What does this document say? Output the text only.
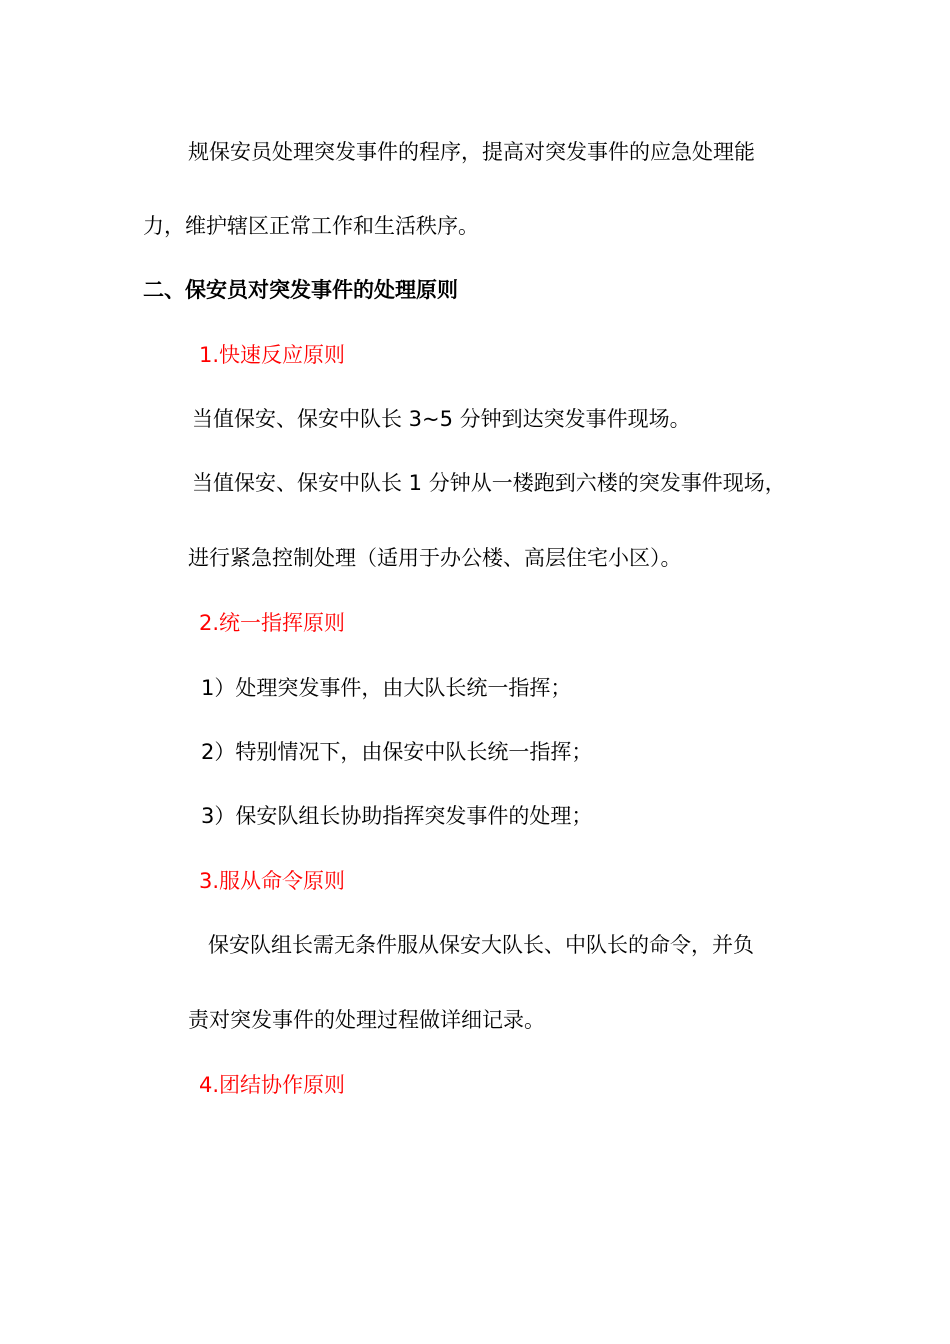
规保安员处理突发事件的程序，提高对突发事件的应急处理能
力，维护辖区正常工作和生活秩序。
二、保安员对突发事件的处理原则
1.快速反应原则
当值保安、保安中队长 3~5 分钟到达突发事件现场。
当值保安、保安中队长 1 分钟从一楼跑到六楼的突发事件现场，
进行紧急控制处理（适用于办公楼、高层住宅小区）。
2.统一指挥原则
1）处理突发事件，由大队长统一指挥；
2）特别情况下，由保安中队长统一指挥；
3）保安队组长协助指挥突发事件的处理；
3.服从命令原则
保安队组长需无条件服从保安大队长、中队长的命令，并负
责对突发事件的处理过程做详细记录。
4.团结协作原则
